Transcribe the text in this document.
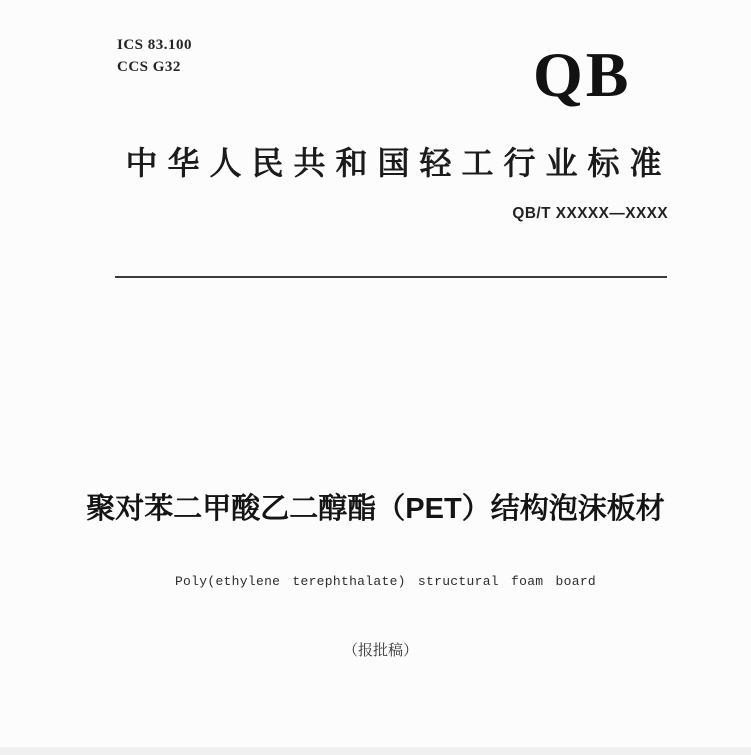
ICS 83.100
CCS G32	QB
中华人民共和国轻工行业标准
QB/T XXXXX—XXXX
聚对苯二甲酸乙二醇酯（PET）结构泡沫板材
Poly(ethylene terephthalate) structural foam board
（报批稿）
